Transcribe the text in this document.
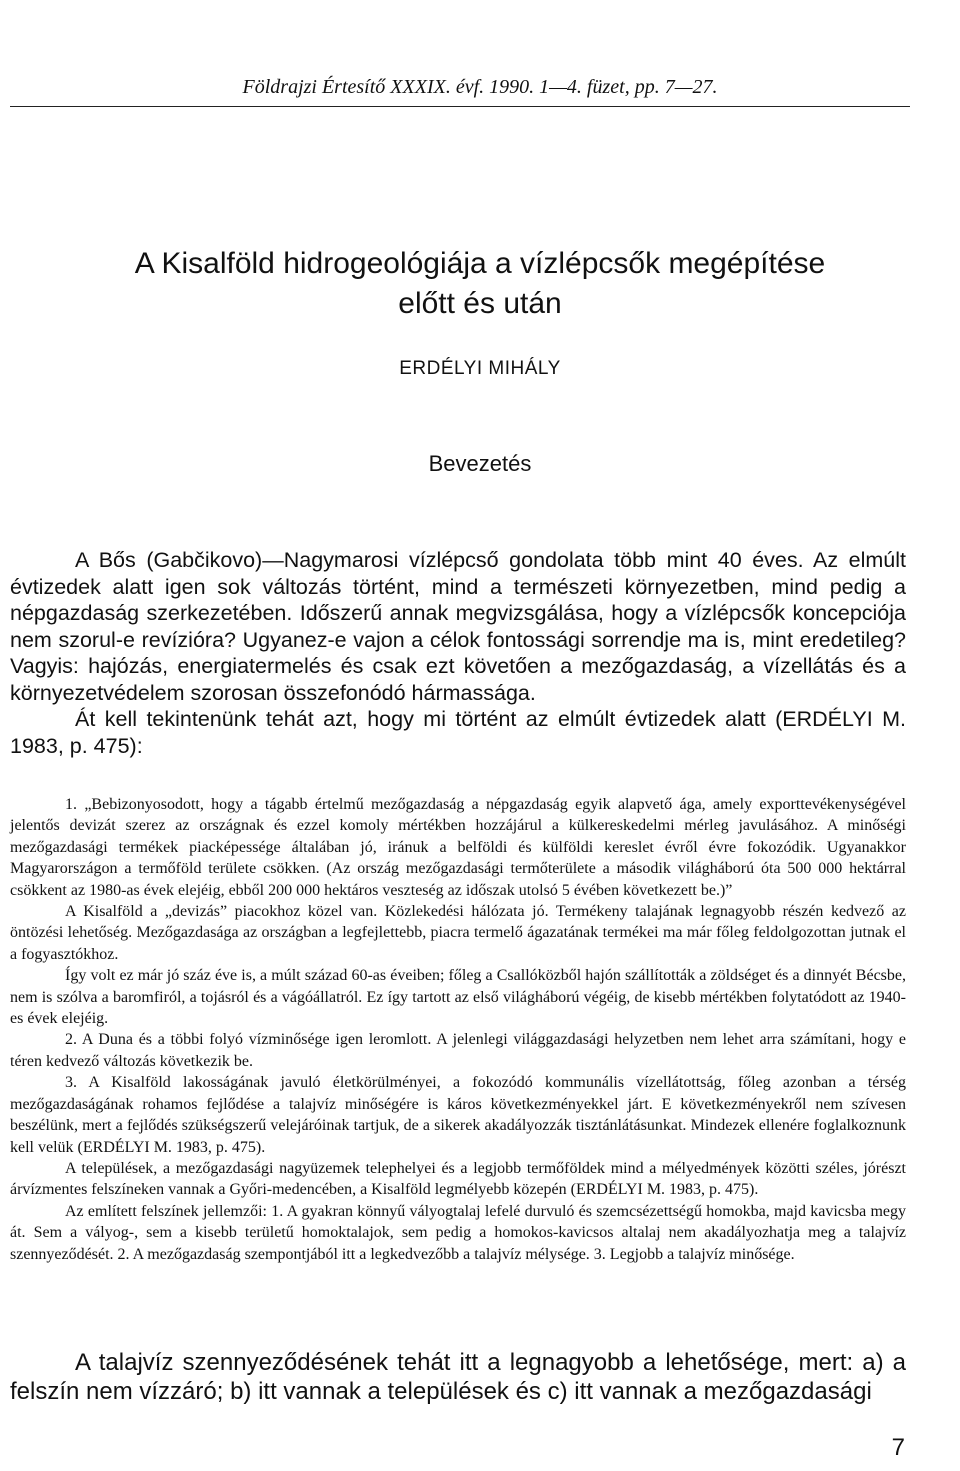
Földrajzi Értesítő XXXIX. évf. 1990. 1—4. füzet, pp. 7—27.
A Kisalföld hidrogeológiája a vízlépcsők megépítése
előtt és után
ERDÉLYI MIHÁLY
Bevezetés

A Bős (Gabčikovo)—Nagymarosi vízlépcső gondolata több mint 40 éves. Az elmúlt évtizedek alatt igen sok változás történt, mind a természeti környezetben, mind pedig a népgazdaság szerkezetében. Időszerű annak megvizsgálása, hogy a vízlépcsők koncepciója nem szorul-e revízióra? Ugyanez-e vajon a célok fontossági sorrendje ma is, mint eredetileg? Vagyis: hajózás, energiatermelés és csak ezt követően a mezőgazdaság, a vízellátás és a környezetvédelem szorosan összefonódó hármassága.

Át kell tekintenünk tehát azt, hogy mi történt az elmúlt évtizedek alatt (ERDÉLYI M. 1983, p. 475):

1. „Bebizonyosodott, hogy a tágabb értelmű mezőgazdaság a népgazdaság egyik alapvető ága, amely exporttevékenységével jelentős devizát szerez az országnak és ezzel komoly mértékben hozzájárul a külkereskedelmi mérleg javulásához. A minőségi mezőgazdasági termékek piacképessége általában jó, iránuk a belföldi és külföldi kereslet évről évre fokozódik. Ugyanakkor Magyarországon a termőföld területe csökken. (Az ország mezőgazdasági termőterülete a második világháború óta 500 000 hektárral csökkent az 1980-as évek elejéig, ebből 200 000 hektáros veszteség az időszak utolsó 5 évében következett be.)”

A Kisalföld a „devizás” piacokhoz közel van. Közlekedési hálózata jó. Termékeny talajának legnagyobb részén kedvező az öntözési lehetőség. Mezőgazdasága az országban a legfejlettebb, piacra termelő ágazatának termékei ma már főleg feldolgozottan jutnak el a fogyasztókhoz.

Így volt ez már jó száz éve is, a múlt század 60-as éveiben; főleg a Csallóközből hajón szállították a zöldséget és a dinnyét Bécsbe, nem is szólva a baromfiról, a tojásról és a vágóállatról. Ez így tartott az első világháború végéig, de kisebb mértékben folytatódott az 1940-es évek elejéig.

2. A Duna és a többi folyó vízminősége igen leromlott. A jelenlegi világgazdasági helyzetben nem lehet arra számítani, hogy e téren kedvező változás következik be.

3. A Kisalföld lakosságának javuló életkörülményei, a fokozódó kommunális vízellátottság, főleg azonban a térség mezőgazdaságának rohamos fejlődése a talajvíz minőségére is káros következményekkel járt. E következményekről nem szívesen beszélünk, mert a fejlődés szükségszerű velejáróinak tartjuk, de a sikerek akadályozzák tisztánlátásunkat. Mindezek ellenére foglalkoznunk kell velük (ERDÉLYI M. 1983, p. 475).

A települések, a mezőgazdasági nagyüzemek telephelyei és a legjobb termőföldek mind a mélyedmények közötti széles, jórészt árvízmentes felszíneken vannak a Győri-medencében, a Kisalföld legmélyebb közepén (ERDÉLYI M. 1983, p. 475).

Az említett felszínek jellemzői: 1. A gyakran könnyű vályogtalaj lefelé durvuló és szemcsézettségű homokba, majd kavicsba megy át. Sem a vályog-, sem a kisebb területű homoktalajok, sem pedig a homokos-kavicsos altalaj nem akadályozhatja meg a talajvíz szennyeződését. 2. A mezőgazdaság szempontjából itt a legkedvezőbb a talajvíz mélysége. 3. Legjobb a talajvíz minősége.

A talajvíz szennyeződésének tehát itt a legnagyobb a lehetősége, mert: a) a felszín nem vízzáró; b) itt vannak a települések és c) itt vannak a mezőgazdasági

7
